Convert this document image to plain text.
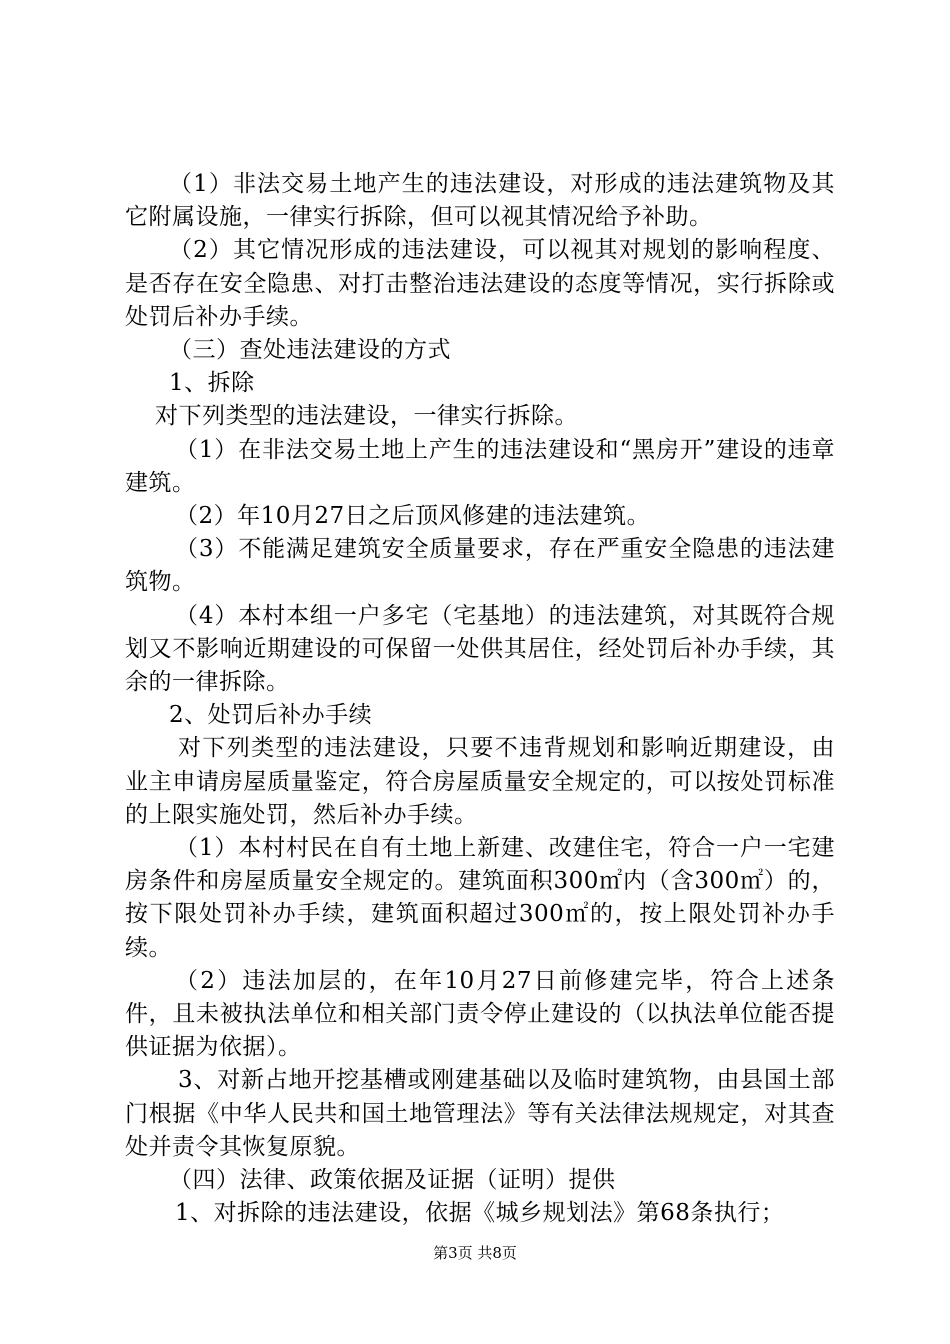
（1）非法交易土地产生的违法建设，对形成的违法建筑物及其它附属设施，一律实行拆除，但可以视其情况给予补助。

（2）其它情况形成的违法建设，可以视其对规划的影响程度、是否存在安全隐患、对打击整治违法建设的态度等情况，实行拆除或处罚后补办手续。

（三）查处违法建设的方式

1、拆除

对下列类型的违法建设，一律实行拆除。

（1）在非法交易土地上产生的违法建设和“黑房开”建设的违章建筑。

（2）年10月27日之后顶风修建的违法建筑。

（3）不能满足建筑安全质量要求，存在严重安全隐患的违法建筑物。

（4）本村本组一户多宅（宅基地）的违法建筑，对其既符合规划又不影响近期建设的可保留一处供其居住，经处罚后补办手续，其余的一律拆除。

2、处罚后补办手续

对下列类型的违法建设，只要不违背规划和影响近期建设，由业主申请房屋质量鉴定，符合房屋质量安全规定的，可以按处罚标准的上限实施处罚，然后补办手续。

（1）本村村民在自有土地上新建、改建住宅，符合一户一宅建房条件和房屋质量安全规定的。建筑面积300㎡内（含300㎡）的，按下限处罚补办手续，建筑面积超过300㎡的，按上限处罚补办手续。

（2）违法加层的，在年10月27日前修建完毕，符合上述条件，且未被执法单位和相关部门责令停止建设的（以执法单位能否提供证据为依据）。

3、对新占地开挖基槽或刚建基础以及临时建筑物，由县国土部门根据《中华人民共和国土地管理法》等有关法律法规规定，对其查处并责令其恢复原貌。

（四）法律、政策依据及证据（证明）提供

1、对拆除的违法建设，依据《城乡规划法》第68条执行；

第3页 共8页
